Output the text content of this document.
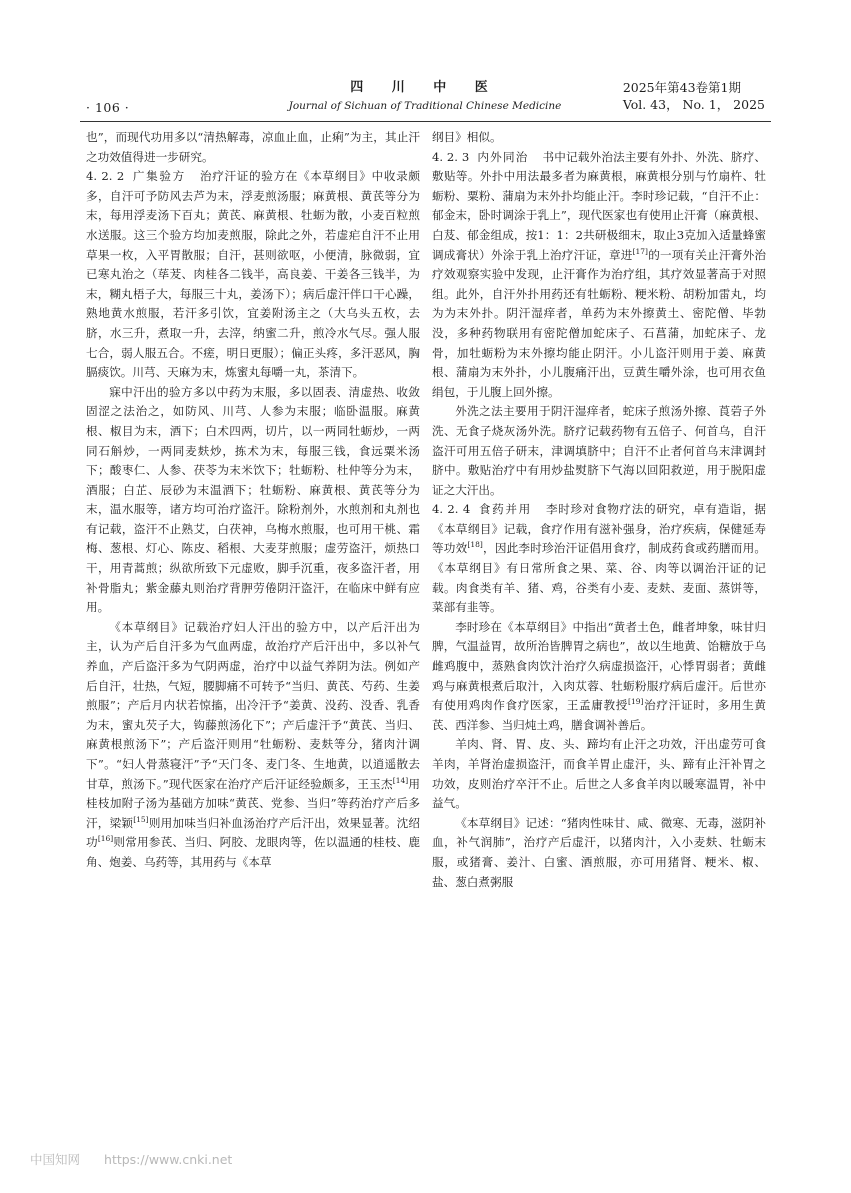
· 106 ·
四 川 中 医
Journal of Sichuan of Traditional Chinese Medicine
2025年第43卷第1期
Vol. 43， No. 1， 2025

也”，而现代功用多以“清热解毒，凉血止血，止痢”为主，其止汗之功效值得进一步研究。

4. 2. 2 广集验方 治疗汗证的验方在《本草纲目》中收录颇多，自汗可予防风去芦为末，浮麦煎汤服；麻黄根、黄芪等分为末，每用浮麦汤下百丸；黄芪、麻黄根、牡蛎为散，小麦百粒煎水送服。这三个验方均加麦煎服，除此之外，若虚疟自汗不止用草果一枚，入平胃散服；自汗，甚则欲呕，小便清，脉微弱，宜已寒丸治之（荜茇、肉桂各二钱半，高良姜、干姜各三钱半，为末，糊丸梧子大，每服三十丸，姜汤下）；病后虚汗伴口干心躁，熟地黄水煎服，若汗多引饮，宜姜附汤主之（大乌头五枚，去脐，水三升，煮取一升，去滓，纳蜜二升，煎冷水气尽。强人服七合，弱人服五合。不瘥，明日更服）；偏正头疼，多汗恶风，胸膈痰饮。川芎、天麻为末，炼蜜丸每嚼一丸，茶清下。

寐中汗出的验方多以中药为末服，多以固表、清虚热、收敛固涩之法治之，如防风、川芎、人参为末服；临卧温服。麻黄根、椒目为末，酒下；白术四两，切片，以一两同牡蛎炒，一两同石斛炒，一两同麦麸炒，拣术为末，每服三钱，食远粟米汤下；酸枣仁、人参、茯苓为末米饮下；牡蛎粉、杜仲等分为末，酒服；白芷、辰砂为末温酒下；牡蛎粉、麻黄根、黄芪等分为末，温水服等，诸方均可治疗盗汗。除粉剂外，水煎剂和丸剂也有记载，盗汗不止熟艾，白茯神，乌梅水煎服，也可用干桃、霜梅、葱根、灯心、陈皮、稻根、大麦芽煎服；虚劳盗汗，烦热口干，用青蒿煎；纵欲所致下元虚败，脚手沉重，夜多盗汗者，用补骨脂丸；紫金藤丸则治疗背胛劳倦阴汗盗汗，在临床中鲜有应用。

《本草纲目》记载治疗妇人汗出的验方中，以产后汗出为主，认为产后自汗多为气血两虚，故治疗产后汗出中，多以补气养血，产后盗汗多为气阴两虚，治疗中以益气养阴为法。例如产后自汗，壮热，气短，腰脚痛不可转予“当归、黄芪、芍药、生姜煎服”；产后月内状若惊搐，出冷汗予“姜黄、没药、没香、乳香为末，蜜丸芡子大，钩藤煎汤化下”；产后虚汗予“黄芪、当归、麻黄根煎汤下”；产后盗汗则用“牡蛎粉、麦麸等分，猪肉汁调下”。“妇人骨蒸寝汗”予“天门冬、麦门冬、生地黄，以逍遥散去甘草，煎汤下。”现代医家在治疗产后汗证经验颇多，王玉杰[14]用桂枝加附子汤为基础方加味“黄芪、党参、当归”等药治疗产后多汗，梁颖[15]则用加味当归补血汤治疗产后汗出，效果显著。沈绍功[16]则常用参芪、当归、阿胶、龙眼肉等，佐以温通的桂枝、鹿角、炮姜、乌药等，其用药与《本草

纲目》相似。

4. 2. 3 内外同治 书中记载外治法主要有外扑、外洗、脐疗、敷贴等。外扑中用法最多者为麻黄根，麻黄根分别与竹扇杵、牡蛎粉、粟粉、蒲扇为末外扑均能止汗。李时珍记载，“自汗不止：郁金末，卧时调涂于乳上”，现代医家也有使用止汗膏（麻黄根、白芨、郁金组成，按1：1：2共研极细末，取止3克加入适量蜂蜜调成膏状）外涂于乳上治疗汗证，章进[17]的一项有关止汗膏外治疗效观察实验中发现，止汗膏作为治疗组，其疗效显著高于对照组。此外，自汗外扑用药还有牡蛎粉、粳米粉、胡粉加雷丸，均为为末外扑。阴汗湿痒者，单药为末外擦黄土、密陀僧、毕勃没，多种药物联用有密陀僧加蛇床子、石菖蒲，加蛇床子、龙骨，加牡蛎粉为末外擦均能止阴汗。小儿盗汗则用于姜、麻黄根、蒲扇为末外扑，小儿腹痛汗出，豆黄生嚼外涂，也可用衣鱼绢包，于儿腹上回外擦。

外洗之法主要用于阴汗湿痒者，蛇床子煎汤外擦、莨菪子外洗、无食子烧灰汤外洗。脐疗记载药物有五倍子、何首乌，自汗盗汗可用五倍子研末，津调填脐中；自汗不止者何首乌末津调封脐中。敷贴治疗中有用炒盐熨脐下气海以回阳救逆，用于脱阳虚证之大汗出。

4. 2. 4 食药并用 李时珍对食物疗法的研究，卓有造诣，据《本草纲目》记载，食疗作用有滋补强身，治疗疾病，保健延寿等功效[18]，因此李时珍治汗证倡用食疗，制成药食或药膳而用。《本草纲目》有日常所食之果、菜、谷、肉等以调治汗证的记载。肉食类有羊、猪、鸡，谷类有小麦、麦麸、麦面、蒸饼等，菜部有韭等。

李时珍在《本草纲目》中指出“黄者土色，雌者坤象，味甘归脾，气温益胃，故所治皆脾胃之病也”，故以生地黄、饴糖放于乌雌鸡腹中，蒸熟食肉饮汁治疗久病虚损盗汗，心悸胃弱者；黄雌鸡与麻黄根煮后取汁，入肉苁蓉、牡蛎粉服疗病后虚汗。后世亦有使用鸡肉作食疗医家，王孟庸教授[19]治疗汗证时，多用生黄芪、西洋参、当归炖土鸡，膳食调补善后。

羊肉、肾、胃、皮、头、蹄均有止汗之功效，汗出虚劳可食羊肉，羊肾治虚损盗汗，而食羊胃止虚汗，头、蹄有止汗补胃之功效，皮则治疗卒汗不止。后世之人多食羊肉以暖寒温胃，补中益气。

《本草纲目》记述：“猪肉性味甘、咸、微寒、无毒，滋阴补血，补气润肺”，治疗产后虚汗，以猪肉汁，入小麦麸、牡蛎末服，或猪膏、姜汁、白蜜、酒煎服，亦可用猪肾、粳米、椒、盐、葱白煮粥服

中国知网 https://www.cnki.net
